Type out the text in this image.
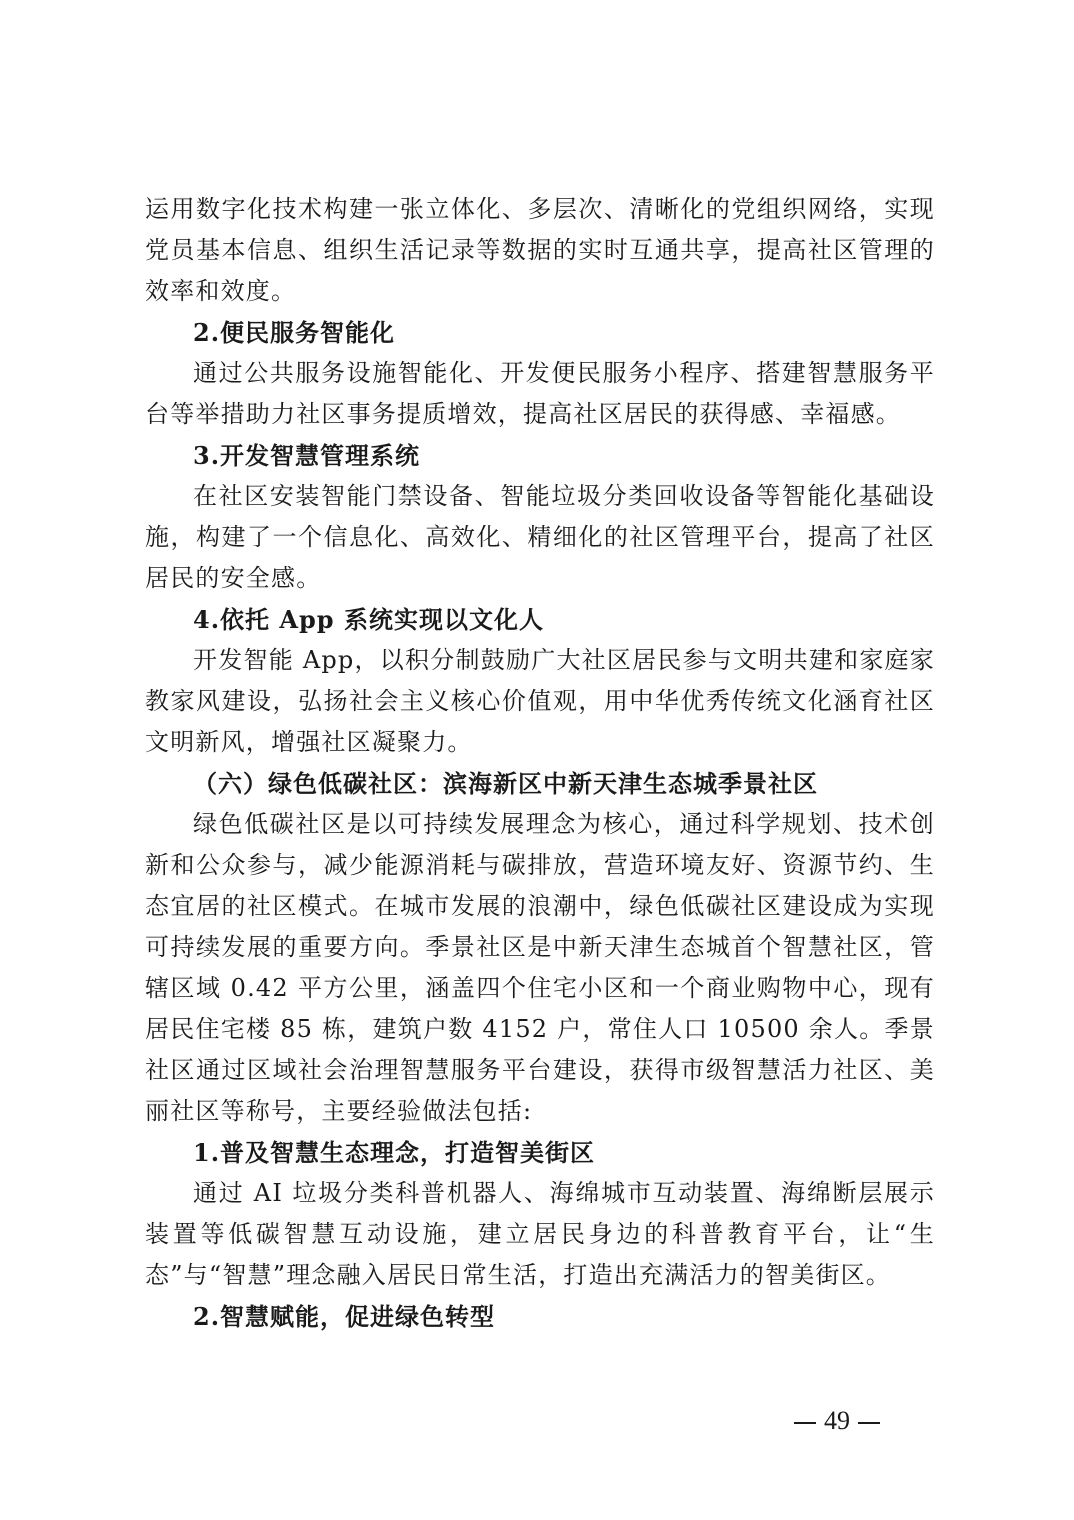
运用数字化技术构建一张立体化、多层次、清晰化的党组织网络，实现党员基本信息、组织生活记录等数据的实时互通共享，提高社区管理的效率和效度。

2.便民服务智能化

通过公共服务设施智能化、开发便民服务小程序、搭建智慧服务平台等举措助力社区事务提质增效，提高社区居民的获得感、幸福感。

3.开发智慧管理系统

在社区安装智能门禁设备、智能垃圾分类回收设备等智能化基础设施，构建了一个信息化、高效化、精细化的社区管理平台，提高了社区居民的安全感。

4.依托 App 系统实现以文化人

开发智能 App，以积分制鼓励广大社区居民参与文明共建和家庭家教家风建设，弘扬社会主义核心价值观，用中华优秀传统文化涵育社区文明新风，增强社区凝聚力。

（六）绿色低碳社区：滨海新区中新天津生态城季景社区

绿色低碳社区是以可持续发展理念为核心，通过科学规划、技术创新和公众参与，减少能源消耗与碳排放，营造环境友好、资源节约、生态宜居的社区模式。在城市发展的浪潮中，绿色低碳社区建设成为实现可持续发展的重要方向。季景社区是中新天津生态城首个智慧社区，管辖区域 0.42 平方公里，涵盖四个住宅小区和一个商业购物中心，现有居民住宅楼 85 栋，建筑户数 4152 户，常住人口 10500 余人。季景社区通过区域社会治理智慧服务平台建设，获得市级智慧活力社区、美丽社区等称号，主要经验做法包括:

1.普及智慧生态理念，打造智美街区

通过 AI 垃圾分类科普机器人、海绵城市互动装置、海绵断层展示装置等低碳智慧互动设施，建立居民身边的科普教育平台，让“生态”与“智慧”理念融入居民日常生活，打造出充满活力的智美街区。

2.智慧赋能，促进绿色转型

49
